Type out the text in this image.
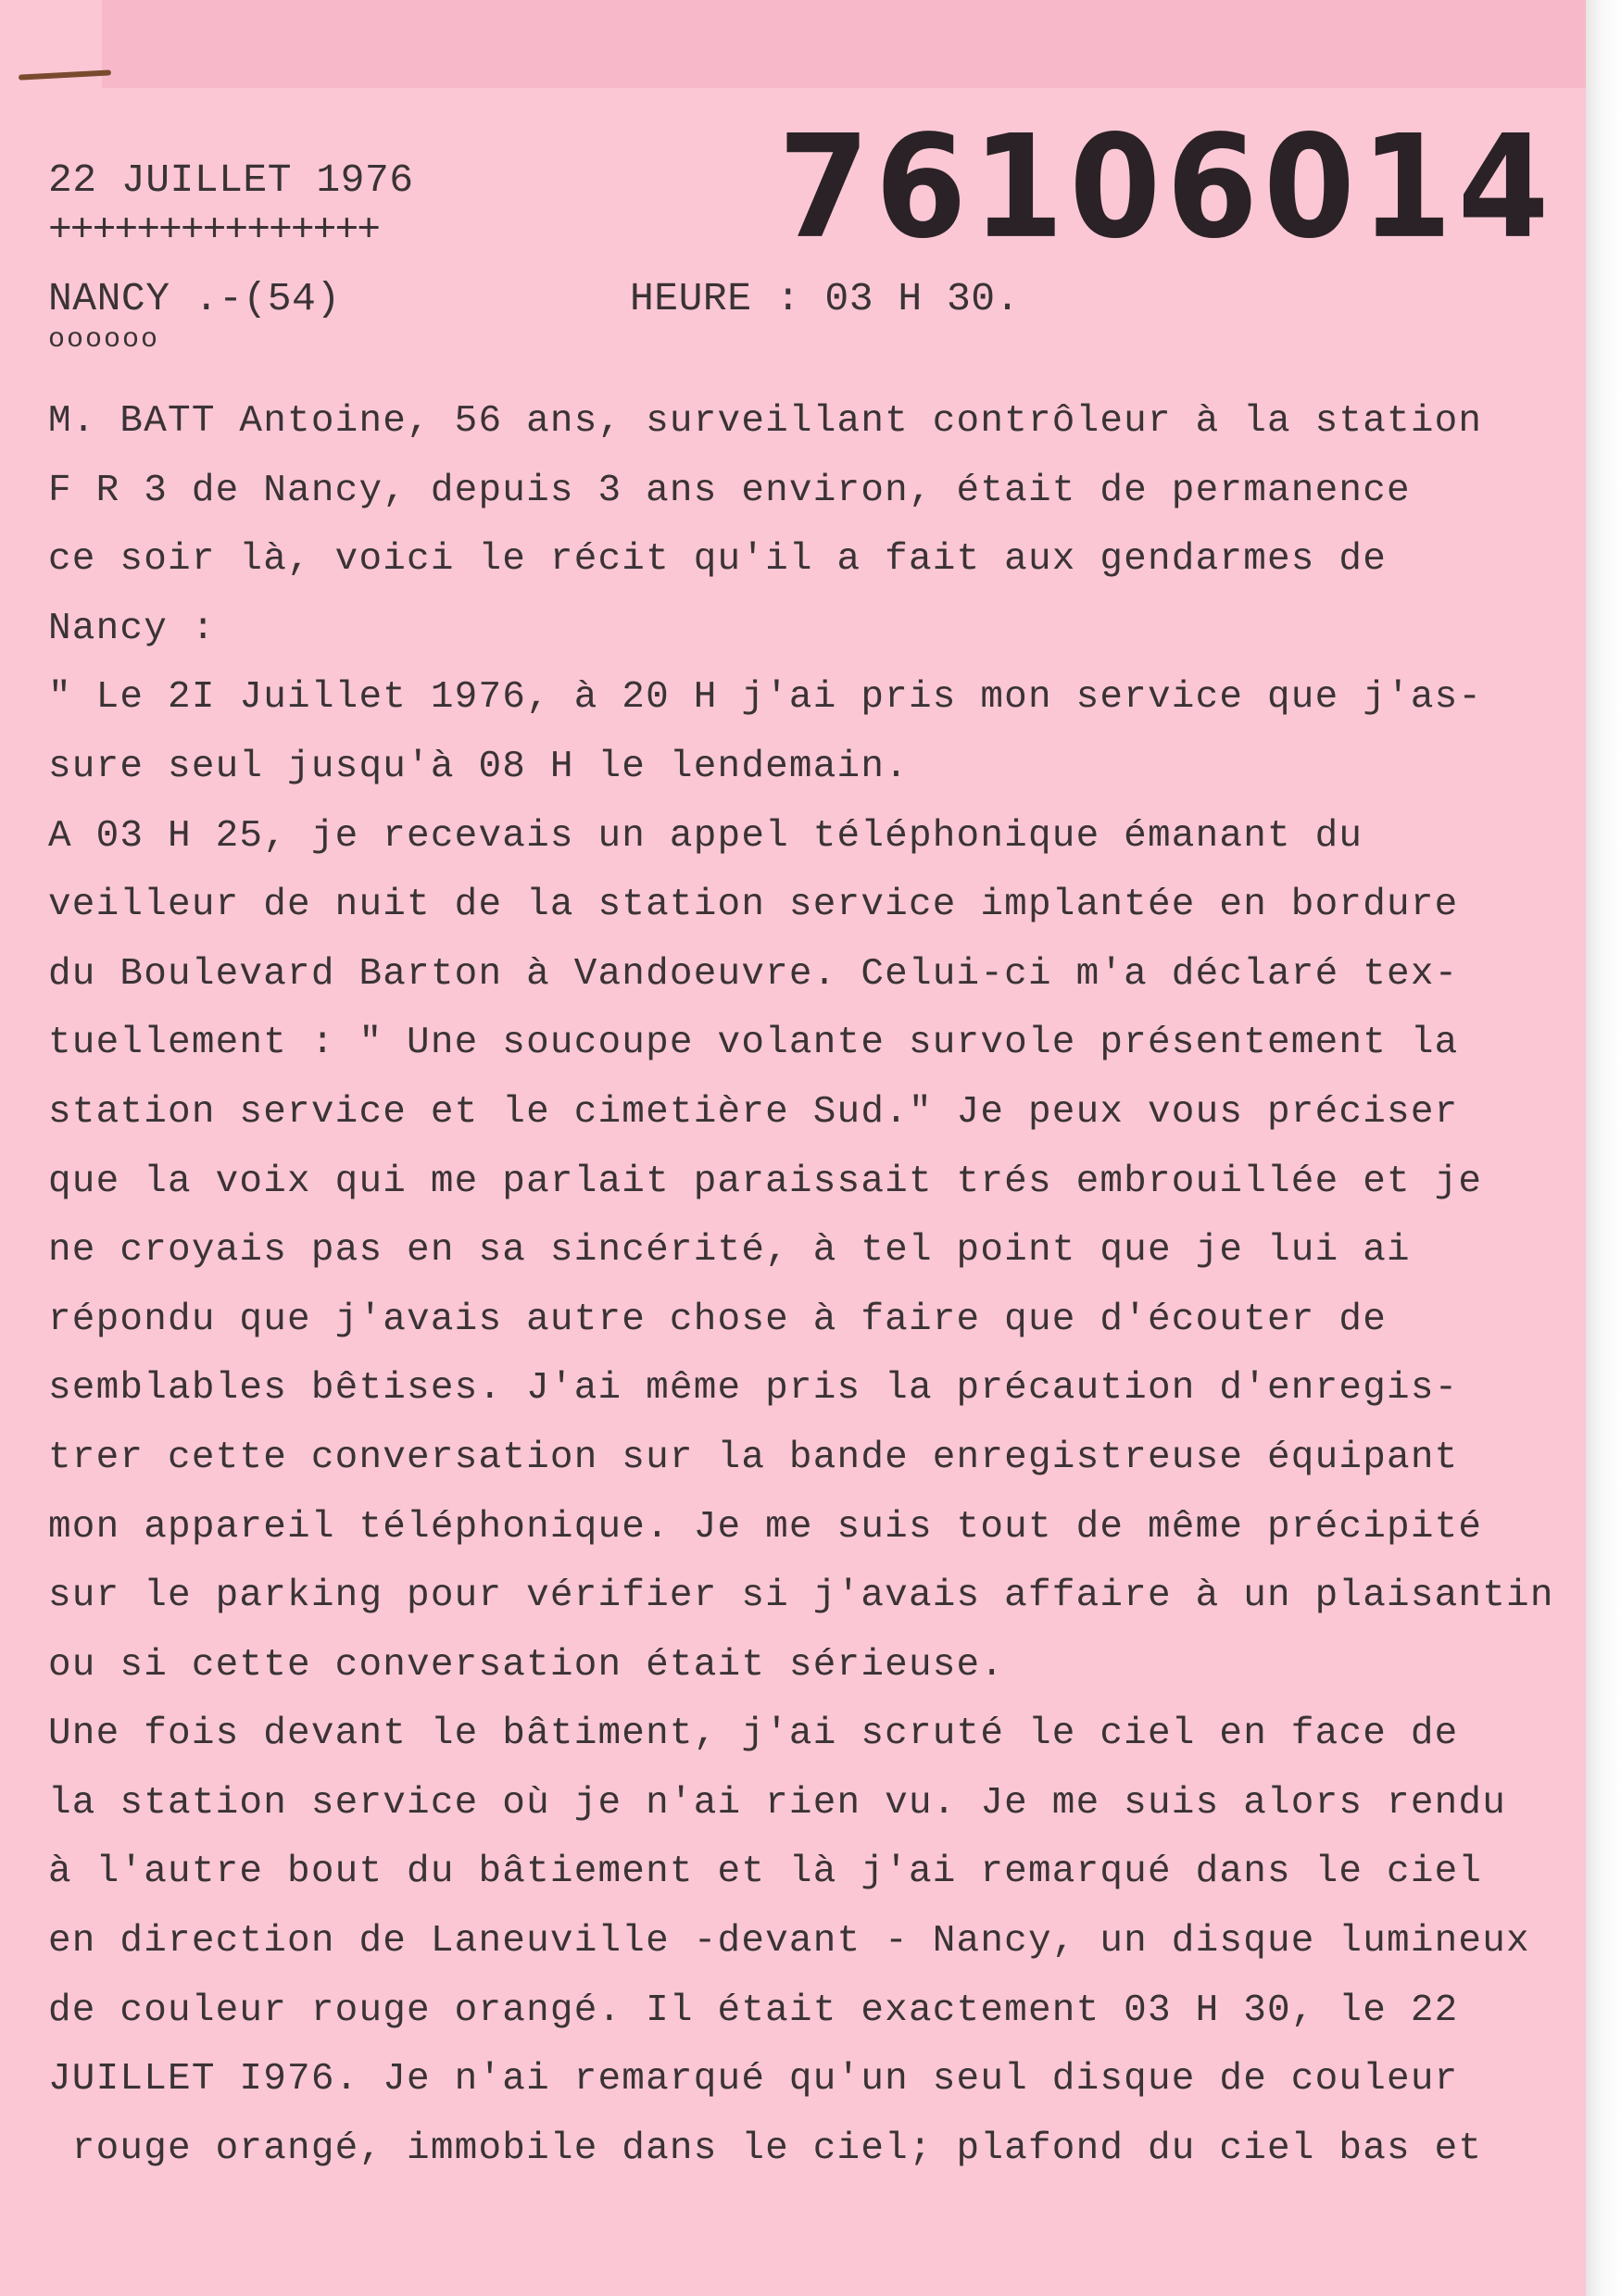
22 JUILLET 1976
+++++++++++++++
NANCY .-(54)
oooooo
HEURE : 03 H 30.
76106014
M. BATT Antoine, 56 ans, surveillant contrôleur à la station
F R 3 de Nancy, depuis 3 ans environ, était de permanence
ce soir là, voici le récit qu'il a fait aux gendarmes de
Nancy :
" Le 2I Juillet 1976, à 20 H j'ai pris mon service que j'as-
sure seul jusqu'à 08 H le lendemain.
A 03 H 25, je recevais un appel téléphonique émanant du
veilleur de nuit de la station service implantée en bordure
du Boulevard Barton à Vandoeuvre. Celui-ci m'a déclaré tex-
tuellement : " Une soucoupe volante survole présentement la
station service et le cimetière Sud." Je peux vous préciser
que la voix qui me parlait paraissait trés embrouillée et je
ne croyais pas en sa sincérité, à tel point que je lui ai
répondu que j'avais autre chose à faire que d'écouter de
semblables bêtises. J'ai même pris la précaution d'enregis-
trer cette conversation sur la bande enregistreuse équipant
mon appareil téléphonique. Je me suis tout de même précipité
sur le parking pour vérifier si j'avais affaire à un plaisantin
ou si cette conversation était sérieuse.
Une fois devant le bâtiment, j'ai scruté le ciel en face de
la station service où je n'ai rien vu. Je me suis alors rendu
à l'autre bout du bâtiement et là j'ai remarqué dans le ciel
en direction de Laneuville -devant - Nancy, un disque lumineux
de couleur rouge orangé. Il était exactement 03 H 30, le 22
JUILLET I976. Je n'ai remarqué qu'un seul disque de couleur
rouge orangé, immobile dans le ciel; plafond du ciel bas et
